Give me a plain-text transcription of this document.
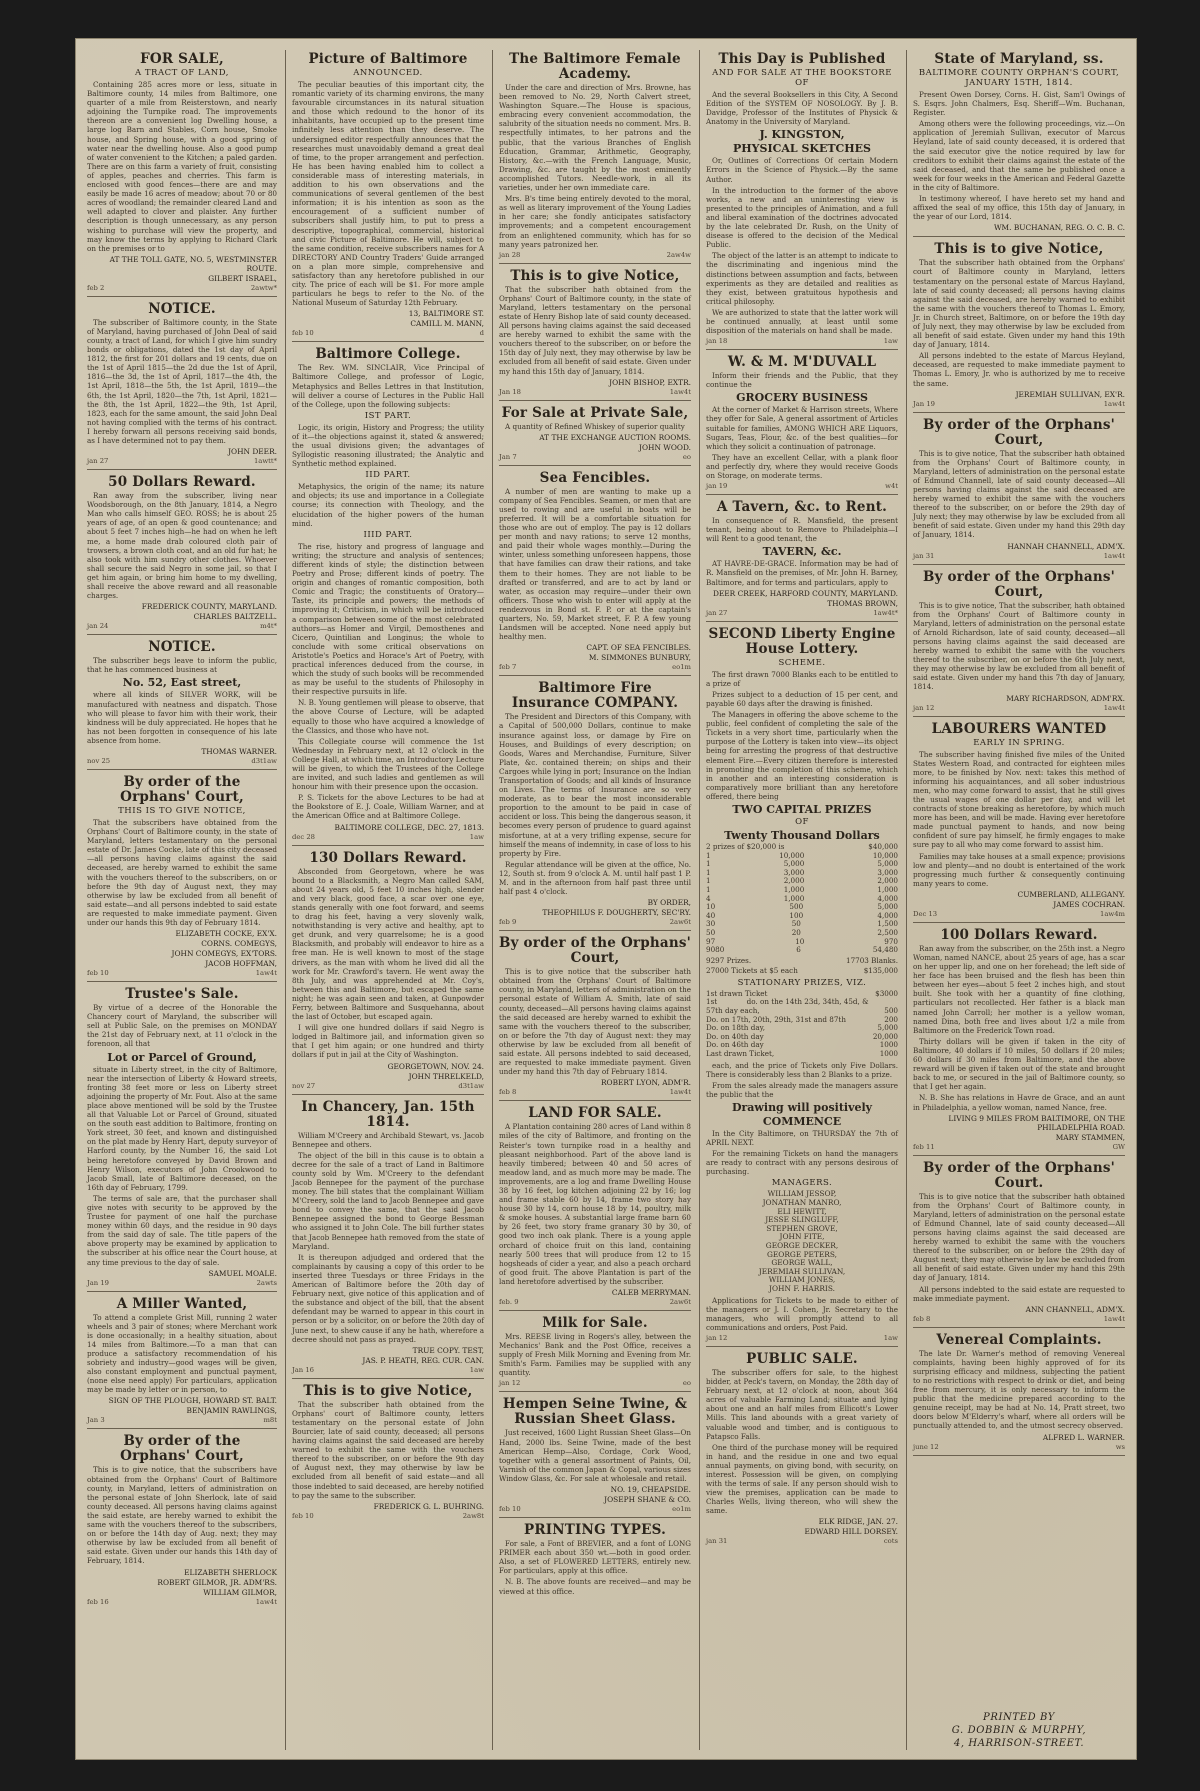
FOR SALE,
A TRACT OF LAND,

Containing 285 acres more or less, situate in Baltimore county, 14 miles from Baltimore, one quarter of a mile from Reisterstown, and nearly adjoining the Turnpike road. The improvements thereon are a convenient log Dwelling house, a large log Barn and Stables, Corn house, Smoke house, and Spring house, with a good spring of water near the dwelling house. Also a good pump of water convenient to the Kitchen; a paled garden. There are on this farm a variety of fruit, consisting of apples, peaches and cherries. This farm is enclosed with good fences—there are and may easily be made 16 acres of meadow; about 70 or 80 acres of woodland; the remainder cleared Land and well adapted to clover and plaister. Any further description is though unnecessary, as any person wishing to purchase will view the property, and may know the terms by applying to Richard Clark on the premises or to

AT THE TOLL GATE, NO. 5, WESTMINSTER ROUTE.
GILBERT ISRAEL,
feb 2	2awtw*
NOTICE.

The subscriber of Baltimore county, in the State of Maryland, having purchased of John Deal of said county, a tract of Land, for which I give him sundry bonds or obligations, dated the 1st day of April 1812, the first for 201 dollars and 19 cents, due on the 1st of April 1815—the 2d due the 1st of April, 1816—the 3d, the 1st of April, 1817—the 4th, the 1st April, 1818—the 5th, the 1st April, 1819—the 6th, the 1st April, 1820—the 7th, 1st April, 1821—the 8th, the 1st April, 1822—the 9th, 1st April, 1823, each for the same amount, the said John Deal not having complied with the terms of his contract. I hereby forwarn all persons receiving said bonds, as I have determined not to pay them.

JOHN DEER.
jan 27	1awtt*
50 Dollars Reward.

Ran away from the subscriber, living near Woodsborough, on the 8th January, 1814, a Negro Man who calls himself GEO. ROSS; he is about 25 years of age, of an open & good countenance; and about 5 feet 7 inches high—he had on when he left me, a home made drab coloured cloth pair of trowsers, a brown cloth coat, and an old fur hat; he also took with him sundry other clothes. Whoever shall secure the said Negro in some jail, so that I get him again, or bring him home to my dwelling, shall receive the above reward and all reasonable charges.

FREDERICK COUNTY, MARYLAND.
CHARLES BALTZELL.
jan 24	m4t*
NOTICE.

The subscriber begs leave to inform the public, that he has commenced business at

No. 52, East street,

where all kinds of SILVER WORK, will be manufactured with neatness and dispatch. Those who will please to favor him with their work, their kindness will be duly appreciated. He hopes that he has not been forgotten in consequence of his late absence from home.

THOMAS WARNER.
nov 25	d3t1aw
By order of the Orphans' Court,
THIS IS TO GIVE NOTICE,

That the subscribers have obtained from the Orphans' Court of Baltimore county, in the state of Maryland, letters testamentary on the personal estate of Dr. James Cocke, late of this city deceased—all persons having claims against the said deceased, are hereby warned to exhibit the same with the vouchers thereof to the subscribers, on or before the 9th day of August next, they may otherwise by law be excluded from all benefit of said estate—and all persons indebted to said estate are requested to make immediate payment. Given under our hands this 9th day of February 1814.

ELIZABETH COCKE, EX'X.
CORNS. COMEGYS,
JOHN COMEGYS, EX'TORS.
JACOB HOFFMAN,
feb 10	1aw4t
Trustee's Sale.

By virtue of a decree of the Honorable the Chancery court of Maryland, the subscriber will sell at Public Sale, on the premises on MONDAY the 21st day of February next, at 11 o'clock in the forenoon, all that

Lot or Parcel of Ground,

situate in Liberty street, in the city of Baltimore, near the intersection of Liberty & Howard streets, fronting 38 feet more or less on Liberty street adjoining the property of Mr. Fout. Also at the same place above mentioned will be sold by the Trustee all that Valuable Lot or Parcel of Ground, situated on the south east addition to Baltimore, fronting on York street, 30 feet, and known and distinguished on the plat made by Henry Hart, deputy surveyor of Harford county, by the Number 16, the said Lot being heretofore conveyed by David Brown and Henry Wilson, executors of John Crookwood to Jacob Small, late of Baltimore deceased, on the 16th day of February, 1799.

The terms of sale are, that the purchaser shall give notes with security to be approved by the Trustee for payment of one half the purchase money within 60 days, and the residue in 90 days from the said day of sale. The title papers of the above property may be examined by application to the subscriber at his office near the Court house, at any time previous to the day of sale.

SAMUEL MOALE.
Jan 19	2awts
A Miller Wanted,

To attend a complete Grist Mill, running 2 water wheels and 3 pair of stones; where Merchant work is done occasionally; in a healthy situation, about 14 miles from Baltimore.—To a man that can produce a satisfactory recommendation of his sobriety and industry—good wages will be given, also constant employment and punctual payment, (none else need apply) For particulars, application may be made by letter or in person, to

SIGN OF THE PLOUGH, HOWARD ST. BALT.
BENJAMIN RAWLINGS,
Jan 3	m8t
By order of the Orphans' Court,

This is to give notice, that the subscribers have obtained from the Orphans' Court of Baltimore county, in Maryland, letters of administration on the personal estate of John Sherlock, late of said county deceased. All persons having claims against the said estate, are hereby warned to exhibit the same with the vouchers thereof to the subscribers, on or before the 14th day of Aug. next; they may otherwise by law be excluded from all benefit of said estate. Given under our hands this 14th day of February, 1814.

ELIZABETH SHERLOCK
ROBERT GILMOR, JR. ADM'RS.
WILLIAM GILMOR,
feb 16	1aw4t
Picture of Baltimore
ANNOUNCED.

The peculiar beauties of this important city, the romantic variety of its charming environs, the many favourable circumstances in its natural situation and those which redound to the honor of its inhabitants, have occupied up to the present time infinitely less attention than they deserve. The undersigned editor respectfully announces that the researches must unavoidably demand a great deal of time, to the proper arrangement and perfection. He has been having enabled him to collect a considerable mass of interesting materials, in addition to his own observations and the communications of several gentlemen of the best information; it is his intention as soon as the encouragement of a sufficient number of subscribers shall justify him, to put to press a descriptive, topographical, commercial, historical and civic Picture of Baltimore. He will, subject to the same condition, receive subscribers names for A DIRECTORY AND Country Traders' Guide arranged on a plan more simple, comprehensive and satisfactory than any heretofore published in our city. The price of each will be $1. For more ample particulars he begs to refer to the No. of the National Museum of Saturday 12th February.

13, BALTIMORE ST.
CAMILL M. MANN,
feb 10	d
Baltimore College.

The Rev. WM. SINCLAIR, Vice Principal of Baltimore College, and professor of Logic, Metaphysics and Belles Lettres in that Institution, will deliver a course of Lectures in the Public Hall of the College, upon the following subjects:

IST PART.

Logic, its origin, History and Progress; the utility of it—the objections against it, stated & answered; the usual divisions given; the advantages of Syllogistic reasoning illustrated; the Analytic and Synthetic method explained.

IID PART.

Metaphysics, the origin of the name; its nature and objects; its use and importance in a Collegiate course; its connection with Theology, and the elucidation of the higher powers of the human mind.

IIID PART.

The rise, history and progress of language and writing; the structure and analysis of sentences; different kinds of style; the distinction between Poetry and Prose; different kinds of poetry. The origin and changes of romantic composition, both Comic and Tragic; the constituents of Oratory—Taste, its principle and powers; the methods of improving it; Criticism, in which will be introduced a comparison between some of the most celebrated authors—as Homer and Virgil, Demosthenes and Cicero, Quintilian and Longinus; the whole to conclude with some critical observations on Aristotle's Poetics and Horace's Art of Poetry, with practical inferences deduced from the course, in which the study of such books will be recommended as may be useful to the students of Philosophy in their respective pursuits in life.

N. B. Young gentlemen will please to observe, that the above Course of Lecture, will be adapted equally to those who have acquired a knowledge of the Classics, and those who have not.

This Collegiate course will commence the 1st Wednesday in February next, at 12 o'clock in the College Hall, at which time, an Introductory Lecture will be given, to which the Trustees of the College are invited, and such ladies and gentlemen as will honour him with their presence upon the occasion.

P. S. Tickets for the above Lectures to be had at the Bookstore of E. J. Coale, William Warner, and at the American Office and at Baltimore College.

BALTIMORE COLLEGE, DEC. 27, 1813.
dec 28	1aw
130 Dollars Reward.

Absconded from Georgetown, where he was bound to a Blacksmith, a Negro Man called SAM, about 24 years old, 5 feet 10 inches high, slender and very black, good face, a scar over one eye, stands generally with one foot forward, and seems to drag his feet, having a very slovenly walk, notwithstanding is very active and healthy, apt to get drunk, and very quarrelsome; he is a good Blacksmith, and probably will endeavor to hire as a free man. He is well known to most of the stage drivers, as the man with whom he lived did all the work for Mr. Crawford's tavern. He went away the 8th July, and was apprehended at Mr. Coy's, between this and Baltimore, but escaped the same night; he was again seen and taken, at Gunpowder Ferry, between Baltimore and Susquehanna, about the last of October, but escaped again.

I will give one hundred dollars if said Negro is lodged in Baltimore jail, and information given so that I get him again; or one hundred and thirty dollars if put in jail at the City of Washington.

GEORGETOWN, NOV. 24.
JOHN THRELKELD,
nov 27	d3t1aw
In Chancery, Jan. 15th 1814.

William M'Creery and Archibald Stewart, vs. Jacob Bennepee and others.

The object of the bill in this cause is to obtain a decree for the sale of a tract of Land in Baltimore county sold by Wm. M'Creery to the defendant Jacob Bennepee for the payment of the purchase money. The bill states that the complainant William M'Creery, sold the land to Jacob Bennepee and gave bond to convey the same, that the said Jacob Bennepee assigned the bond to George Bessman who assigned it to John Cole. The bill further states that Jacob Bennepee hath removed from the state of Maryland.

It is thereupon adjudged and ordered that the complainants by causing a copy of this order to be inserted three Tuesdays or three Fridays in the American of Baltimore before the 20th day of February next, give notice of this application and of the substance and object of the bill, that the absent defendant may be warned to appear in this court in person or by a solicitor, on or before the 20th day of June next, to shew cause if any he hath, wherefore a decree should not pass as prayed.

TRUE COPY. TEST,
JAS. P. HEATH, REG. CUR. CAN.
Jan 16	1aw
This is to give Notice,

That the subscriber hath obtained from the Orphans' court of Baltimore county, letters testamentary on the personal estate of John Bourcier, late of said county, deceased; all persons having claims against the said deceased are hereby warned to exhibit the same with the vouchers thereof to the subscriber, on or before the 9th day of August next, they may otherwise by law be excluded from all benefit of said estate—and all those indebted to said deceased, are hereby notified to pay the same to the subscriber.

FREDERICK G. L. BUHRING.
feb 10	2aw8t
The Baltimore Female Academy.

Under the care and direction of Mrs. Browne, has been removed to No. 29, North Calvert street, Washington Square.—The House is spacious, embracing every convenient accommodation, the salubrity of the situation needs no comment. Mrs. B. respectfully intimates, to her patrons and the public, that the various Branches of English Education, Grammar, Arithmetic, Geography, History, &c.—with the French Language, Music, Drawing, &c. are taught by the most eminently accomplished Tutors. Needle-work, in all its varieties, under her own immediate care.

Mrs. B's time being entirely devoted to the moral, as well as literary improvement of the Young Ladies in her care; she fondly anticipates satisfactory improvements; and a competent encouragement from an enlightened community, which has for so many years patronized her.

jan 28	2aw4w
This is to give Notice,

That the subscriber hath obtained from the Orphans' Court of Baltimore county, in the state of Maryland, letters testamentary on the personal estate of Henry Bishop late of said county deceased. All persons having claims against the said deceased are hereby warned to exhibit the same with the vouchers thereof to the subscriber, on or before the 15th day of July next, they may otherwise by law be excluded from all benefit of said estate. Given under my hand this 15th day of January, 1814.

JOHN BISHOP, EXTR.
Jan 18	1aw4t
For Sale at Private Sale,

A quantity of Refined Whiskey of superior quality

AT THE EXCHANGE AUCTION ROOMS.
JOHN WOOD.
Jan 7	eo
Sea Fencibles.

A number of men are wanting to make up a company of Sea Fencibles. Seamen, or men that are used to rowing and are useful in boats will be preferred. It will be a comfortable situation for those who are out of employ. The pay is 12 dollars per month and navy rations; to serve 12 months, and paid their whole wages monthly.—During the winter, unless something unforeseen happens, those that have families can draw their rations, and take them to their homes. They are not liable to be drafted or transferred, and are to act by land or water, as occasion may require—under their own officers. Those who wish to enter will apply at the rendezvous in Bond st. F. P. or at the captain's quarters, No. 59, Market street, F. P. A few young Landsmen will be accepted. None need apply but healthy men.

CAPT. OF SEA FENCIBLES.
M. SIMMONES BUNBURY,
feb 7	eo1m
Baltimore Fire Insurance COMPANY.

The President and Directors of this Company, with a Capital of 500,000 Dollars, continue to make insurance against loss, or damage by Fire on Houses, and Buildings of every description; on Goods, Wares and Merchandise, Furniture, Silver Plate, &c. contained therein; on ships and their Cargoes while lying in port; Insurance on the Indian Transportation of Goods; and all kinds of Insurance on Lives. The terms of Insurance are so very moderate, as to bear the most inconsiderable proportion to the amount to be paid in case of accident or loss. This being the dangerous season, it becomes every person of prudence to guard against misfortune, at at a very trifling expense, secure for himself the means of indemnity, in case of loss to his property by Fire.

Regular attendance will be given at the office, No. 12, South st. from 9 o'clock A. M. until half past 1 P. M. and in the afternoon from half past three until half past 4 o'clock.

BY ORDER,
THEOPHILUS F. DOUGHERTY, SEC'RY.
feb 9	2aw6t
By order of the Orphans' Court,

This is to give notice that the subscriber hath obtained from the Orphans' Court of Baltimore county, in Maryland, letters of administration on the personal estate of William A. Smith, late of said county, deceased—All persons having claims against the said deceased are hereby warned to exhibit the same with the vouchers thereof to the subscriber, on or before the 7th day of August next: they may otherwise by law be excluded from all benefit of said estate. All persons indebted to said deceased, are requested to make immediate payment. Given under my hand this 7th day of February 1814.

ROBERT LYON, ADM'R.
feb 8	1aw4t
LAND FOR SALE.

A Plantation containing 280 acres of Land within 8 miles of the city of Baltimore, and fronting on the Reister's town turnpike road in a healthy and pleasant neighborhood. Part of the above land is heavily timbered; between 40 and 50 acres of meadow land, and as much more may be made. The improvements, are a log and frame Dwelling House 38 by 16 feet, log kitchen adjoining 22 by 16; log and frame stable 60 by 14, frame two story hay house 30 by 14, corn house 18 by 14, poultry, milk & smoke houses. A substantial large frame barn 60 by 26 feet, two story frame granary 30 by 30, of good two inch oak plank. There is a young apple orchard of choice fruit on this land, containing nearly 500 trees that will produce from 12 to 15 hogsheads of cider a year, and also a peach orchard of good fruit. The above Plantation is part of the land heretofore advertised by the subscriber.

CALEB MERRYMAN.
feb. 9	2aw6t
Milk for Sale.

Mrs. REESE living in Rogers's alley, between the Mechanics' Bank and the Post Office, receives a supply of Fresh Milk Morning and Evening from Mr. Smith's Farm. Families may be supplied with any quantity.

jan 12	eo
Hempen Seine Twine, & Russian Sheet Glass.

Just received, 1600 Light Russian Sheet Glass—On Hand, 2000 lbs. Seine Twine, made of the best American Hemp—Also, Cordage, Cork Wood, together with a general assortment of Paints, Oil, Varnish of the common Japan & Copal, various sizes Window Glass, &c. For sale at wholesale and retail.

NO. 19, CHEAPSIDE.
JOSEPH SHANE & CO.
feb 10	eo1m
PRINTING TYPES.

For sale, a Font of BREVIER, and a font of LONG PRIMER each about 350 wt.—both in good order. Also, a set of FLOWERED LETTERS, entirely new. For particulars, apply at this office.

N. B. The above founts are received—and may be viewed at this office.

This Day is Published
AND FOR SALE AT THE BOOKSTORE OF

And the several Booksellers in this City, A Second Edition of the SYSTEM OF NOSOLOGY. By J. B. Davidge, Professor of the Institutes of Physick & Anatomy in the University of Maryland.

J. KINGSTON,
PHYSICAL SKETCHES

Or, Outlines of Corrections Of certain Modern Errors in the Science of Physick.—By the same Author.

In the introduction to the former of the above works, a new and an uninteresting view is presented to the principles of Animation, and a full and liberal examination of the doctrines advocated by the late celebrated Dr. Rush, on the Unity of disease is offered to the decision of the Medical Public.

The object of the latter is an attempt to indicate to the discriminating and ingenious mind the distinctions between assumption and facts, between experiments as they are detailed and realities as they exist, between gratuitous hypothesis and critical philosophy.

We are authorized to state that the latter work will be continued annually, at least until some disposition of the materials on hand shall be made.

jan 18	1aw
W. & M. M'DUVALL

Inform their friends and the Public, that they continue the

GROCERY BUSINESS

At the corner of Market & Harrison streets, Where they offer for Sale, A general assortment of Articles suitable for families, AMONG WHICH ARE Liquors, Sugars, Teas, Flour, &c. of the best qualities—for which they solicit a continuation of patronage.

They have an excellent Cellar, with a plank floor and perfectly dry, where they would receive Goods on Storage, on moderate terms.

jan 19	w4t
A Tavern, &c. to Rent.

In consequence of R. Mansfield, the present tenant, being about to Remove to Philadelphia—I will Rent to a good tenant, the

TAVERN, &c.

AT HAVRE-DE-GRACE. Information may be had of R. Mansfield on the premises, of Mr. John H. Barney, Baltimore, and for terms and particulars, apply to

DEER CREEK, HARFORD COUNTY, MARYLAND.
THOMAS BROWN,
jan 27	1aw4t*
SECOND Liberty Engine House Lottery.
SCHEME.

The first drawn 7000 Blanks each to be entitled to a prize of

Prizes subject to a deduction of 15 per cent, and payable 60 days after the drawing is finished.

The Managers in offering the above scheme to the public, feel confident of completing the sale of the Tickets in a very short time, particularly when the purpose of the Lottery is taken into view—its object being for arresting the progress of that destructive element Fire.—Every citizen therefore is interested in promoting the completion of this scheme, which in another and an interesting consideration is comparatively more brilliant than any heretofore offered, there being

TWO CAPITAL PRIZES
OF
Twenty Thousand Dollars
2 prizes of $20,000 is	$40,000
1	10,000	10,000
1	5,000	5,000
1	3,000	3,000
1	2,000	2,000
1	1,000	1,000
4	1,000	4,000
10	500	5,000
40	100	4,000
30	50	1,500
50	20	2,500
97	10	970
9080	6	54,480
9297 Prizes.	17703 Blanks.
27000 Tickets at $5 each	$135,000
STATIONARY PRIZES, VIZ.
1st drawn Ticket	$3000
1st	do. on the 14th 23d, 34th, 45d, &
57th day each,	500
Do. on 17th, 20th, 29th, 31st and 87th	200
Do. on 18th day,	5,000
Do. on 40th day	20,000
Do. on 46th day	1000
Last drawn Ticket,	1000

each, and the price of Tickets only Five Dollars. There is considerably less than 2 Blanks to a prize.

From the sales already made the managers assure the public that the

Drawing will positively
COMMENCE

In the City Baltimore, on THURSDAY the 7th of APRIL NEXT.

For the remaining Tickets on hand the managers are ready to contract with any persons desirous of purchasing.

MANAGERS.
WILLIAM JESSOP,
JONATHAN MANRO,
ELI HEWITT,
JESSE SLINGLUFF,
STEPHEN GROVE,
JOHN FITE,
GEORGE DECKER,
GEORGE PETERS,
GEORGE WALL,
JEREMIAH SULLIVAN,
WILLIAM JONES,
JOHN F. HARRIS.

Applications for Tickets to be made to either of the managers or J. I. Cohen, Jr. Secretary to the managers, who will promptly attend to all communications and orders, Post Paid.

jan 12	1aw
PUBLIC SALE.

The subscriber offers for sale, to the highest bidder, at Peck's tavern, on Monday, the 28th day of February next, at 12 o'clock at noon, about 364 acres of valuable Farming Land; situate and lying about one and an half miles from Ellicott's Lower Mills. This land abounds with a great variety of valuable wood and timber, and is contiguous to Patapsco Falls.

One third of the purchase money will be required in hand, and the residue in one and two equal annual payments, on giving bond, with security, on interest. Possession will be given, on complying with the terms of sale. If any person should wish to view the premises, application can be made to Charles Wells, living thereon, who will shew the same.

ELK RIDGE, JAN. 27.
EDWARD HILL DORSEY.
jan 31	cots
State of Maryland, ss.
BALTIMORE COUNTY ORPHAN'S COURT, JANUARY 15TH, 1814.

Present Owen Dorsey, Corns. H. Gist, Sam'l Owings of S. Esqrs. John Chalmers, Esq. Sheriff—Wm. Buchanan, Register.

Among others were the following proceedings, viz.—On application of Jeremiah Sullivan, executor of Marcus Heyland, late of said county deceased, it is ordered that the said executor give the notice required by law for creditors to exhibit their claims against the estate of the said deceased, and that the same be published once a week for four weeks in the American and Federal Gazette in the city of Baltimore.

In testimony whereof, I have hereto set my hand and affixed the seal of my office, this 15th day of January, in the year of our Lord, 1814.

WM. BUCHANAN, REG. O. C. B. C.
This is to give Notice,

That the subscriber hath obtained from the Orphans' court of Baltimore county in Maryland, letters testamentary on the personal estate of Marcus Hayland, late of said county deceased; all persons having claims against the said deceased, are hereby warned to exhibit the same with the vouchers thereof to Thomas L. Emory, Jr. in Church street, Baltimore, on or before the 19th day of July next, they may otherwise by law be excluded from all benefit of said estate. Given under my hand this 19th day of January, 1814.

All persons indebted to the estate of Marcus Heyland, deceased, are requested to make immediate payment to Thomas L. Emory, Jr. who is authorized by me to receive the same.

JEREMIAH SULLIVAN, EX'R.
Jan 19	1aw4t
By order of the Orphans' Court,

This is to give notice, That the subscriber hath obtained from the Orphans' Court of Baltimore county, in Maryland, letters of administration on the personal estate of Edmund Channell, late of said county deceased—All persons having claims against the said deceased are hereby warned to exhibit the same with the vouchers thereof to the subscriber, on or before the 29th day of July next; they may otherwise by law be excluded from all benefit of said estate. Given under my hand this 29th day of January, 1814.

HANNAH CHANNELL, ADM'X.
jan 31	1aw4t
By order of the Orphans' Court,

This is to give notice, That the subscriber, hath obtained from the Orphans' Court of Baltimore county in Maryland, letters of administration on the personal estate of Arnold Richardson, late of said county, deceased—all persons having claims against the said deceased are hereby warned to exhibit the same with the vouchers thereof to the subscriber, on or before the 6th July next, they may otherwise by law be excluded from all benefit of said estate. Given under my hand this 7th day of January, 1814.

MARY RICHARDSON, ADM'RX.
jan 12	1aw4t
LABOURERS WANTED
EARLY IN SPRING.

The subscriber having finished five miles of the United States Western Road, and contracted for eighteen miles more, to be finished by Nov. next: takes this method of informing his acquaintances, and all sober industrious men, who may come forward to assist, that he still gives the usual wages of one dollar per day, and will let contracts of stone breaking as heretofore, by which much more has been, and will be made. Having ever heretofore made punctual payment to hands, and now being confident of sure pay himself, he firmly engages to make sure pay to all who may come forward to assist him.

Families may take houses at a small expence; provisions low and plenty—and no doubt is entertained of the work progressing much further & consequently continuing many years to come.

CUMBERLAND, ALLEGANY.
JAMES COCHRAN.
Dec 13	1aw4m
100 Dollars Reward.

Ran away from the subscriber, on the 25th inst. a Negro Woman, named NANCE, about 25 years of age, has a scar on her upper lip, and one on her forehead; the left side of her face has been bruised and the flesh has been thin between her eyes—about 5 feet 2 inches high, and stout built. She took with her a quantity of fine clothing, particulars not recollected. Her father is a black man named John Carroll; her mother is a yellow woman, named Dina, both free and lives about 1/2 a mile from Baltimore on the Frederick Town road.

Thirty dollars will be given if taken in the city of Baltimore, 40 dollars if 10 miles, 50 dollars if 20 miles; 60 dollars if 30 miles from Baltimore, and the above reward will be given if taken out of the state and brought back to me, or secured in the jail of Baltimore county, so that I get her again.

N. B. She has relations in Havre de Grace, and an aunt in Philadelphia, a yellow woman, named Nance, free.

LIVING 9 MILES FROM BALTIMORE, ON THE PHILADELPHIA ROAD.
MARY STAMMEN,
feb 11	GW
By order of the Orphans' Court.

This is to give notice that the subscriber hath obtained from the Orphans' Court of Baltimore county, in Maryland, letters of administration on the personal estate of Edmund Channel, late of said county deceased—All persons having claims against the said deceased are hereby warned to exhibit the same with the vouchers thereof to the subscriber, on or before the 29th day of August next; they may otherwise by law be excluded from all benefit of said estate. Given under my hand this 29th day of January, 1814.

All persons indebted to the said estate are requested to make immediate payment.

ANN CHANNELL, ADM'X.
feb 8	1aw4t
Venereal Complaints.

The late Dr. Warner's method of removing Venereal complaints, having been highly approved of for its surprising efficacy and mildness, subjecting the patient to no restrictions with respect to drink or diet, and being free from mercury, it is only necessary to inform the public that the medicine prepared according to the genuine receipt, may be had at No. 14, Pratt street, two doors below M'Elderry's wharf, where all orders will be punctually attended to, and the utmost secrecy observed.

ALFRED L. WARNER.
june 12	ws
PRINTED BY
G. DOBBIN & MURPHY,
4, HARRISON-STREET.
